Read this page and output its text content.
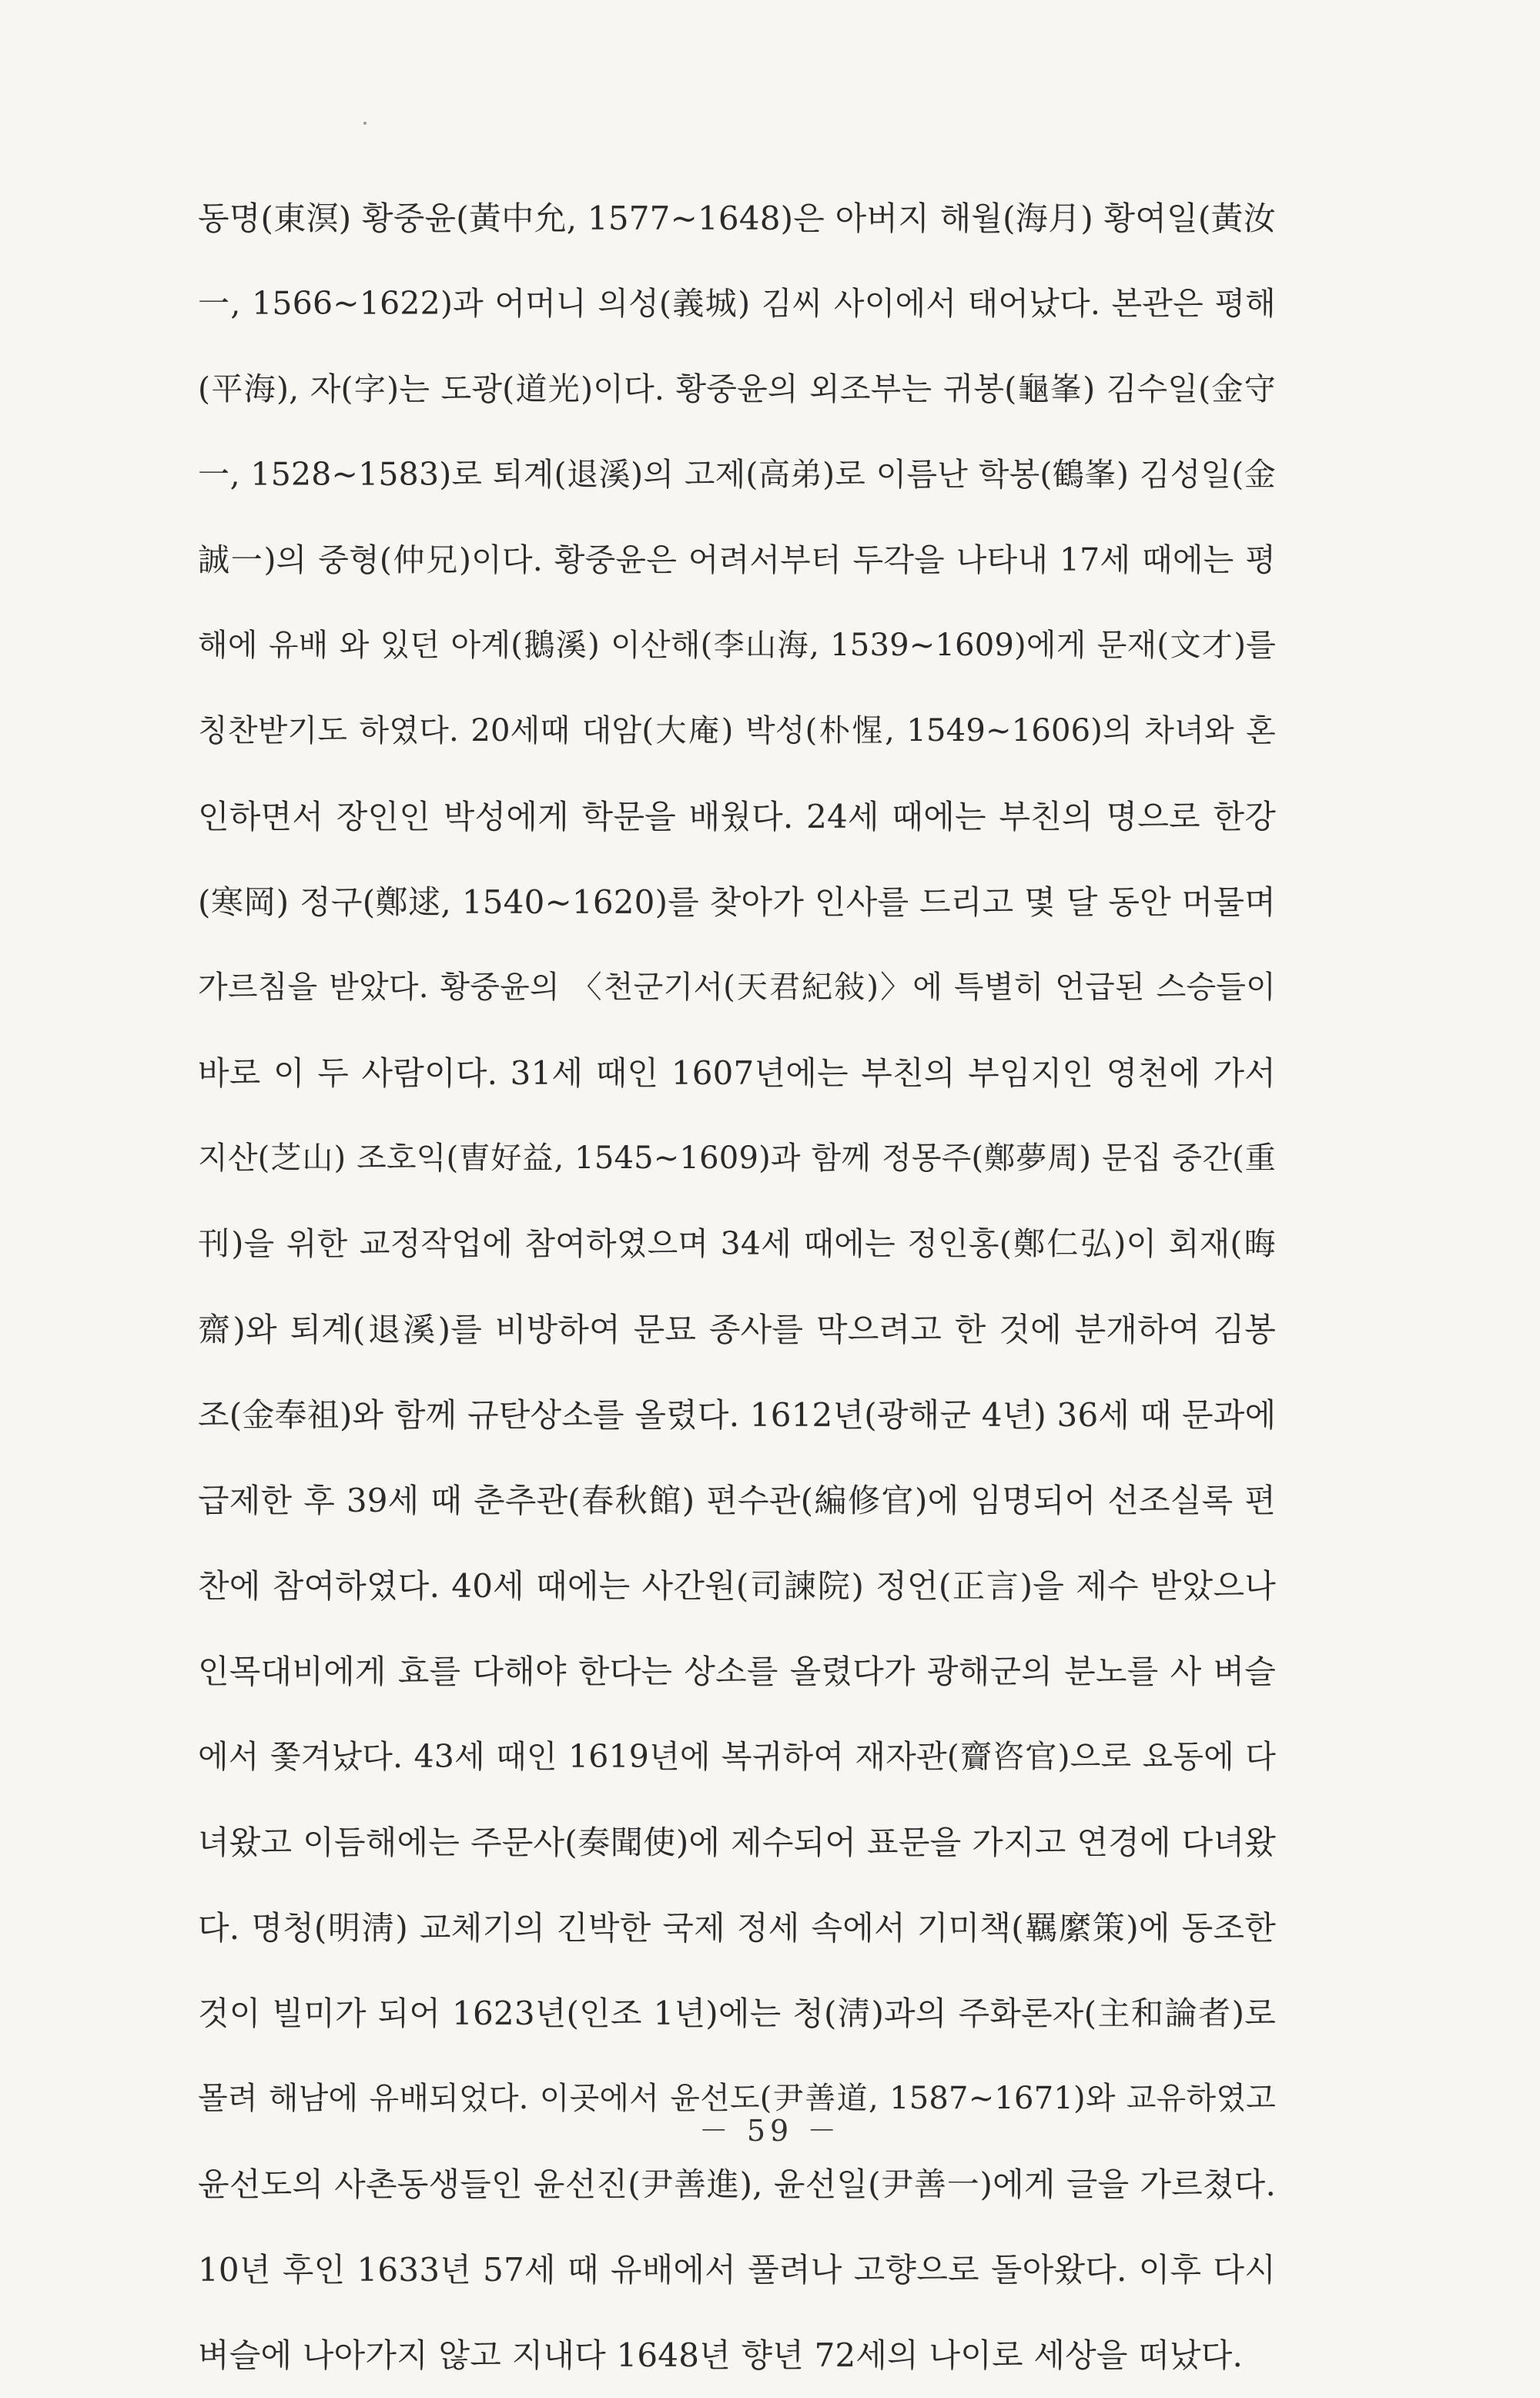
동명(東溟) 황중윤(黃中允, 1577~1648)은 아버지 해월(海月) 황여일(黃汝
一, 1566~1622)과 어머니 의성(義城) 김씨 사이에서 태어났다. 본관은 평해
(平海), 자(字)는 도광(道光)이다. 황중윤의 외조부는 귀봉(龜峯) 김수일(金守
一, 1528~1583)로 퇴계(退溪)의 고제(高弟)로 이름난 학봉(鶴峯) 김성일(金
誠一)의 중형(仲兄)이다. 황중윤은 어려서부터 두각을 나타내 17세 때에는 평
해에 유배 와 있던 아계(鵝溪) 이산해(李山海, 1539~1609)에게 문재(文才)를
칭찬받기도 하였다. 20세때 대암(大庵) 박성(朴惺, 1549~1606)의 차녀와 혼
인하면서 장인인 박성에게 학문을 배웠다. 24세 때에는 부친의 명으로 한강
(寒岡) 정구(鄭逑, 1540~1620)를 찾아가 인사를 드리고 몇 달 동안 머물며
가르침을 받았다. 황중윤의 〈천군기서(天君紀敍)〉에 특별히 언급된 스승들이
바로 이 두 사람이다. 31세 때인 1607년에는 부친의 부임지인 영천에 가서
지산(芝山) 조호익(曺好益, 1545~1609)과 함께 정몽주(鄭夢周) 문집 중간(重
刊)을 위한 교정작업에 참여하였으며 34세 때에는 정인홍(鄭仁弘)이 회재(晦
齋)와 퇴계(退溪)를 비방하여 문묘 종사를 막으려고 한 것에 분개하여 김봉
조(金奉祖)와 함께 규탄상소를 올렸다. 1612년(광해군 4년) 36세 때 문과에
급제한 후 39세 때 춘추관(春秋館) 편수관(編修官)에 임명되어 선조실록 편
찬에 참여하였다. 40세 때에는 사간원(司諫院) 정언(正言)을 제수 받았으나
인목대비에게 효를 다해야 한다는 상소를 올렸다가 광해군의 분노를 사 벼슬
에서 쫓겨났다. 43세 때인 1619년에 복귀하여 재자관(齎咨官)으로 요동에 다
녀왔고 이듬해에는 주문사(奏聞使)에 제수되어 표문을 가지고 연경에 다녀왔
다. 명청(明淸) 교체기의 긴박한 국제 정세 속에서 기미책(羈縻策)에 동조한
것이 빌미가 되어 1623년(인조 1년)에는 청(淸)과의 주화론자(主和論者)로
몰려 해남에 유배되었다. 이곳에서 윤선도(尹善道, 1587~1671)와 교유하였고
윤선도의 사촌동생들인 윤선진(尹善進), 윤선일(尹善一)에게 글을 가르쳤다.
10년 후인 1633년 57세 때 유배에서 풀려나 고향으로 돌아왔다. 이후 다시
벼슬에 나아가지 않고 지내다 1648년 향년 72세의 나이로 세상을 떠났다.
－ 59 －
